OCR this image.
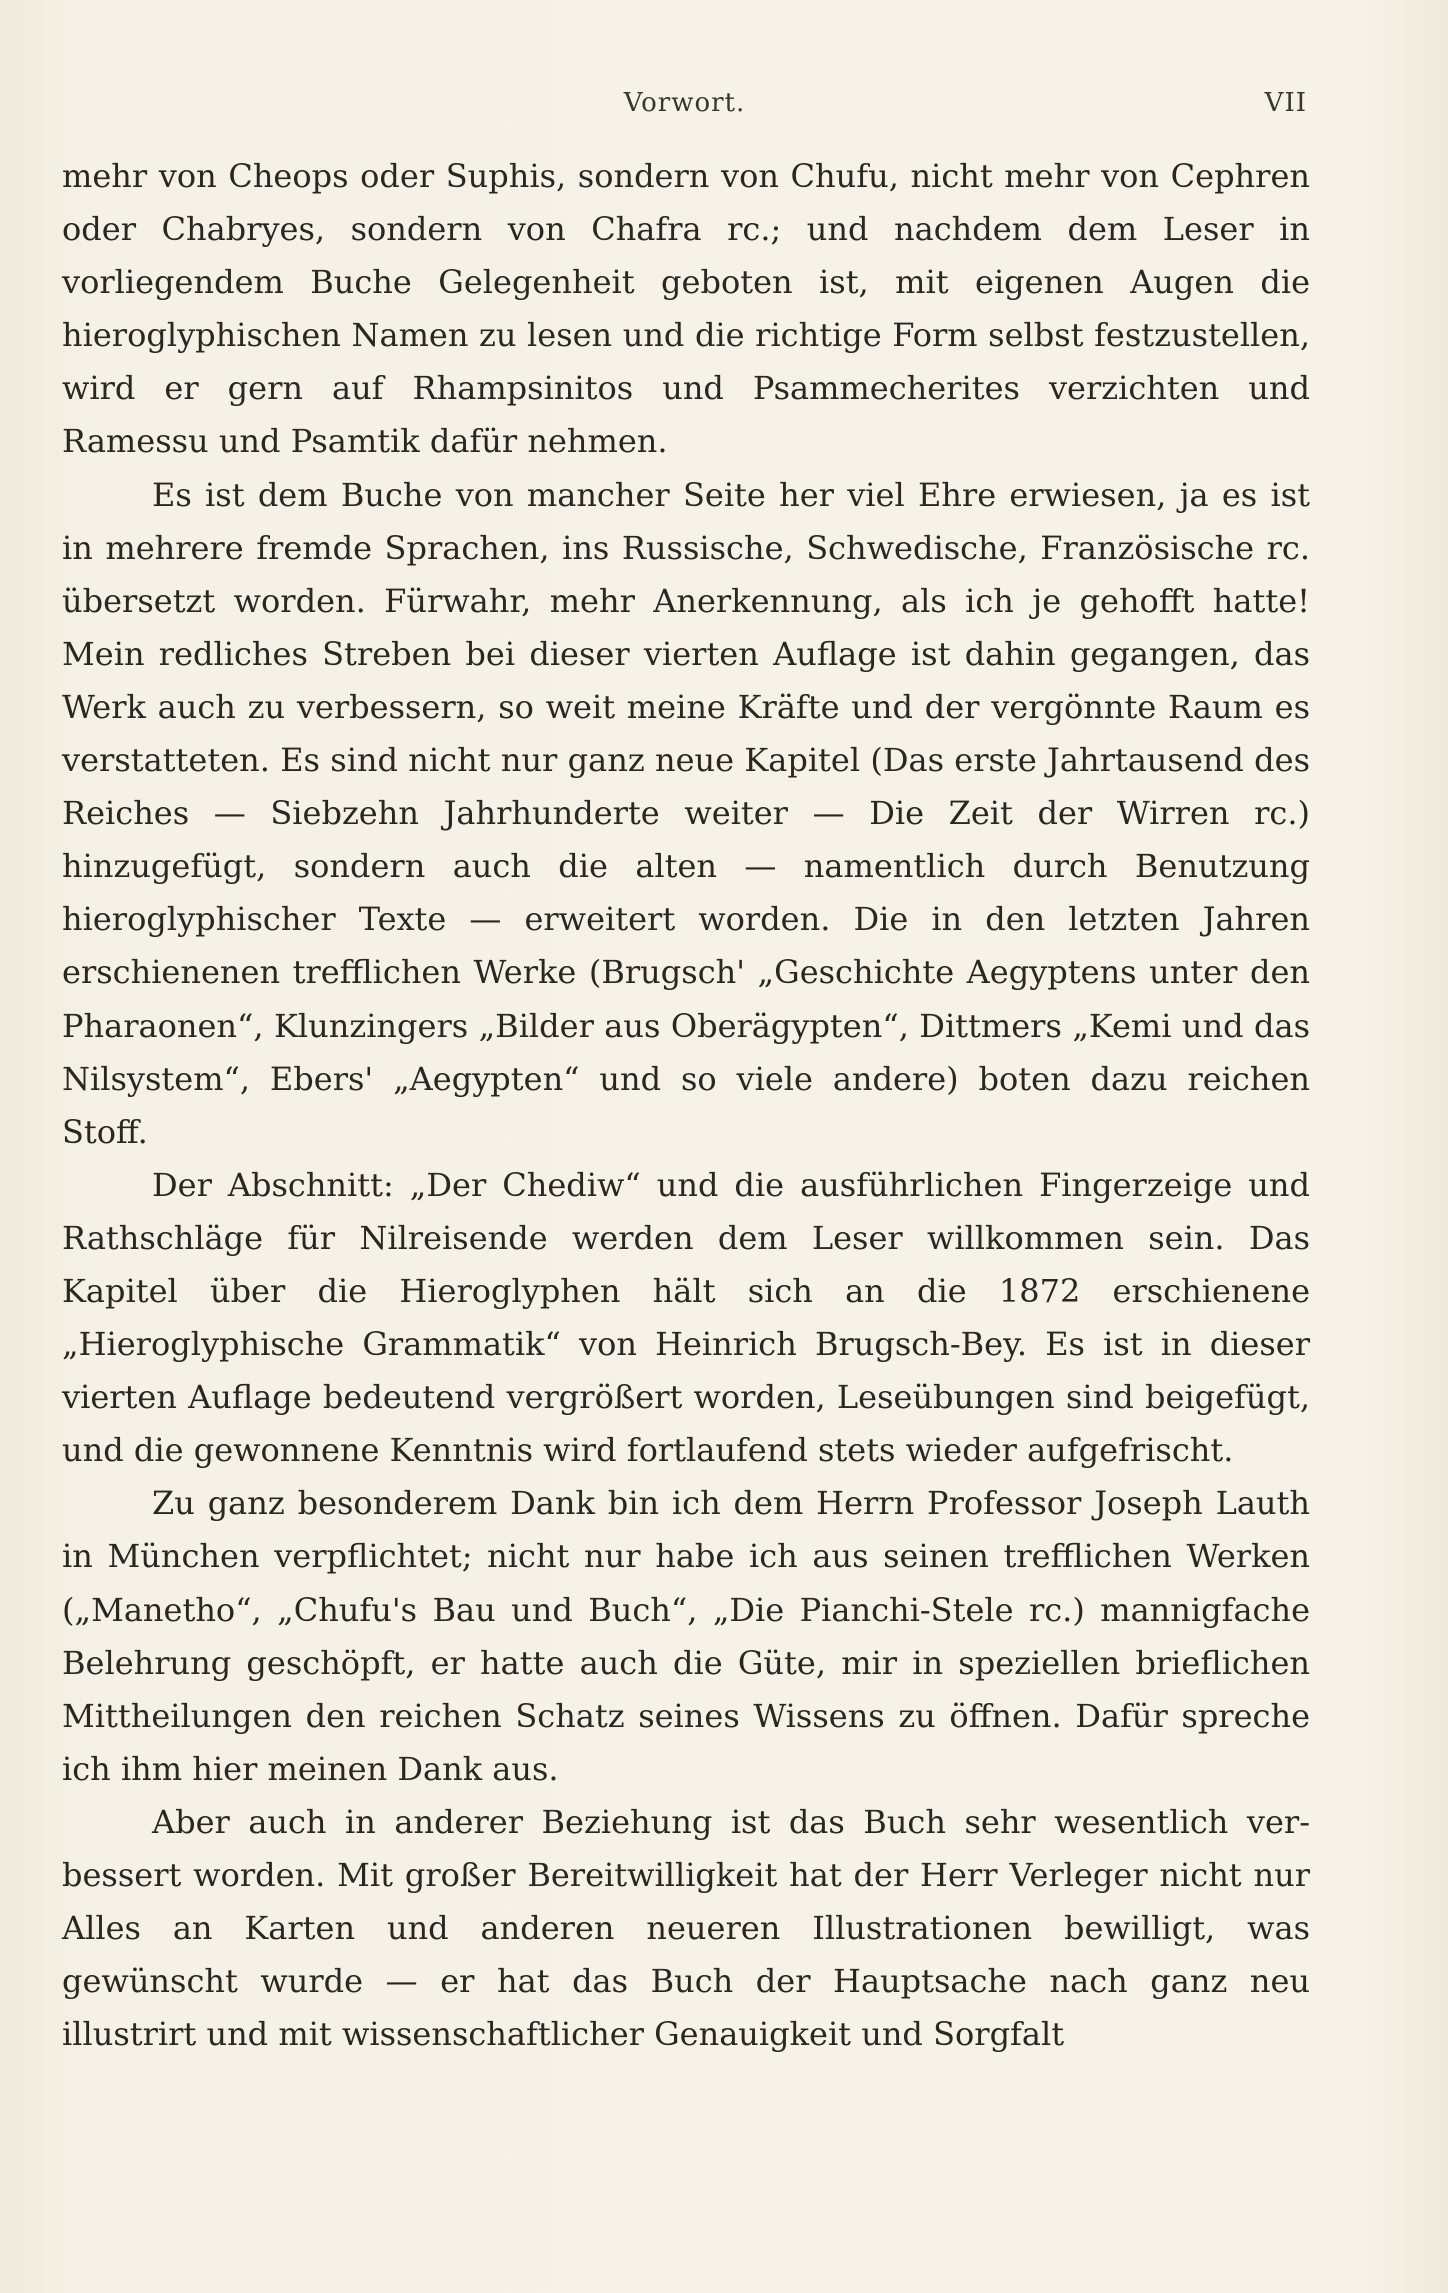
Vorwort.	VII

mehr von Cheops oder Suphis, sondern von Chufu, nicht mehr von Cephren oder Chabryes, sondern von Chafra rc.; und nachdem dem Leser in vorliegendem Buche Gelegenheit geboten ist, mit eigenen Augen die hieroglyphischen Namen zu lesen und die richtige Form selbst festzustellen, wird er gern auf Rhampsinitos und Psammecherites verzichten und Ramessu und Psamtik dafür nehmen.

Es ist dem Buche von mancher Seite her viel Ehre erwiesen, ja es ist in mehrere fremde Sprachen, ins Russische, Schwedische, Französische rc. übersetzt worden. Fürwahr, mehr Anerkennung, als ich je gehofft hatte! Mein redliches Streben bei dieser vierten Auflage ist dahin gegangen, das Werk auch zu verbessern, so weit meine Kräfte und der vergönnte Raum es verstatteten. Es sind nicht nur ganz neue Kapitel (Das erste Jahrtausend des Reiches — Siebzehn Jahrhunderte weiter — Die Zeit der Wirren rc.) hinzugefügt, sondern auch die alten — namentlich durch Benutzung hieroglyphischer Texte — erweitert worden. Die in den letzten Jahren erschienenen trefflichen Werke (Brugsch' „Geschichte Aegyptens unter den Pharaonen“, Klunzingers „Bilder aus Oberägypten“, Dittmers „Kemi und das Nilsystem“, Ebers' „Aegypten“ und so viele andere) boten dazu reichen Stoff.

Der Abschnitt: „Der Chediw“ und die ausführlichen Fingerzeige und Rathschläge für Nilreisende werden dem Leser willkommen sein. Das Kapitel über die Hieroglyphen hält sich an die 1872 erschienene „Hieroglyphische Grammatik“ von Heinrich Brugsch-Bey. Es ist in dieser vierten Auflage bedeutend vergrößert worden, Leseübungen sind beigefügt, und die gewonnene Kenntnis wird fortlaufend stets wieder aufgefrischt.

Zu ganz besonderem Dank bin ich dem Herrn Professor Joseph Lauth in München verpflichtet; nicht nur habe ich aus seinen trefflichen Werken („Manetho“, „Chufu's Bau und Buch“, „Die Pianchi-Stele rc.) mannigfache Belehrung geschöpft, er hatte auch die Güte, mir in speziellen brieflichen Mittheilungen den reichen Schatz seines Wissens zu öffnen. Dafür spreche ich ihm hier meinen Dank aus.

Aber auch in anderer Beziehung ist das Buch sehr wesentlich verbessert worden. Mit großer Bereitwilligkeit hat der Herr Verleger nicht nur Alles an Karten und anderen neueren Illustrationen bewilligt, was gewünscht wurde — er hat das Buch der Hauptsache nach ganz neu illustrirt und mit wissenschaftlicher Genauigkeit und Sorgfalt
